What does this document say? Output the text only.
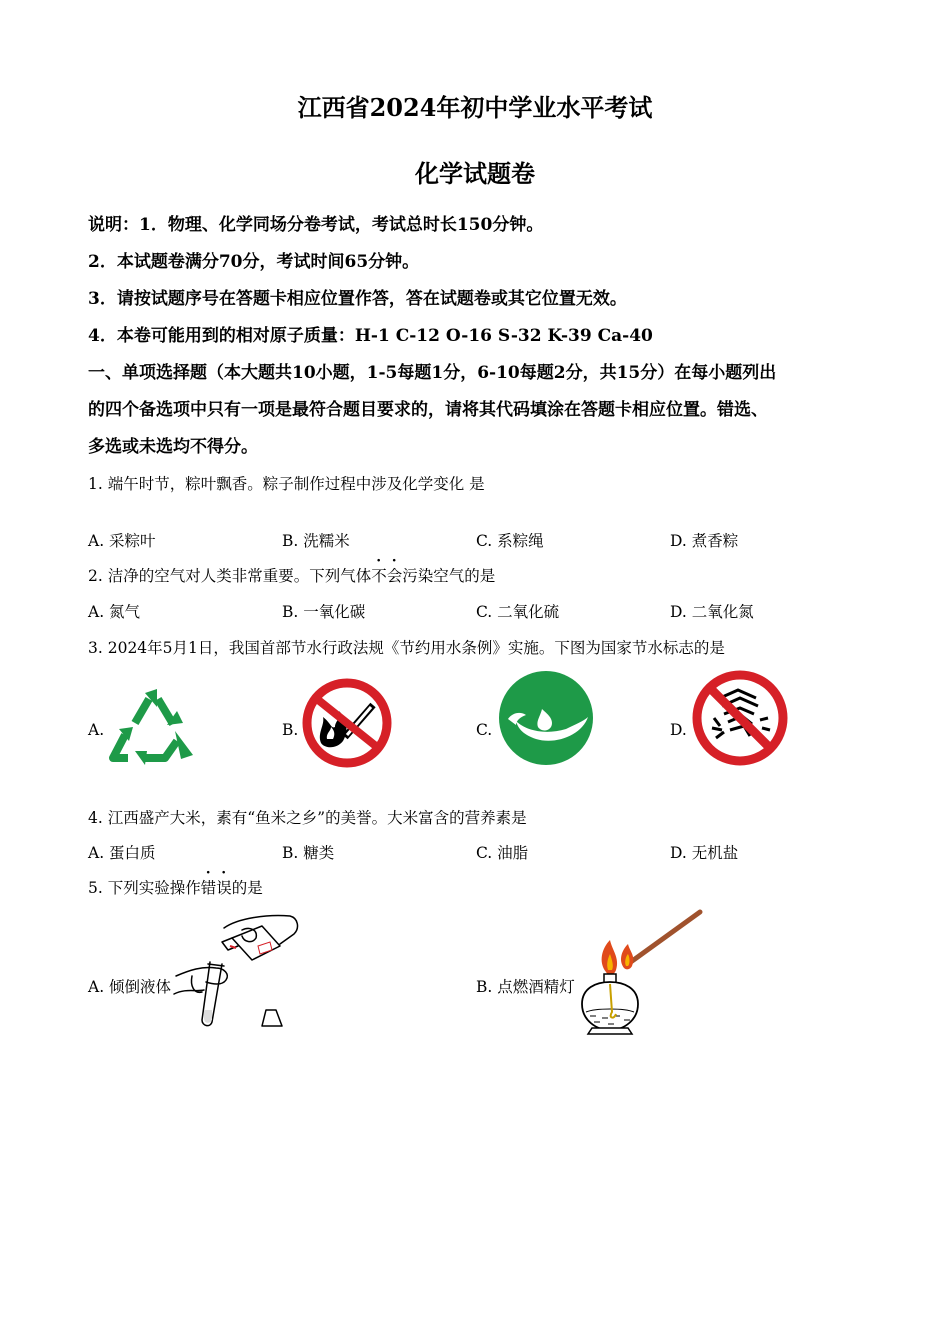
江西省2024年初中学业水平考试
化学试题卷
说明：1．物理、化学同场分卷考试，考试总时长150分钟。
2．本试题卷满分70分，考试时间65分钟。
3．请按试题序号在答题卡相应位置作答，答在试题卷或其它位置无效。
4．本卷可能用到的相对原子质量：H-1 C-12 O-16 S-32 K-39 Ca-40
一、单项选择题（本大题共10小题，1-5每题1分，6-10每题2分，共15分）在每小题列出
的四个备选项中只有一项是最符合题目要求的，请将其代码填涂在答题卡相应位置。错选、
多选或未选均不得分。
1. 端午时节，粽叶飘香。粽子制作过程中涉及化学变化 是
A. 采粽叶	B. 洗糯米	C. 系粽绳	D. 煮香粽
2. 洁净的空气对人类非常重要。下列气体不会污染空气的是
A. 氮气	B. 一氧化碳	C. 二氧化硫	D. 二氧化氮
3. 2024年5月1日，我国首部节水行政法规《节约用水条例》实施。下图为国家节水标志的是
A.	B.	C.	D.
4. 江西盛产大米，素有“鱼米之乡”的美誉。大米富含的营养素是
A. 蛋白质	B. 糖类	C. 油脂	D. 无机盐
5. 下列实验操作错误的是
A. 倾倒液体	B. 点燃酒精灯
